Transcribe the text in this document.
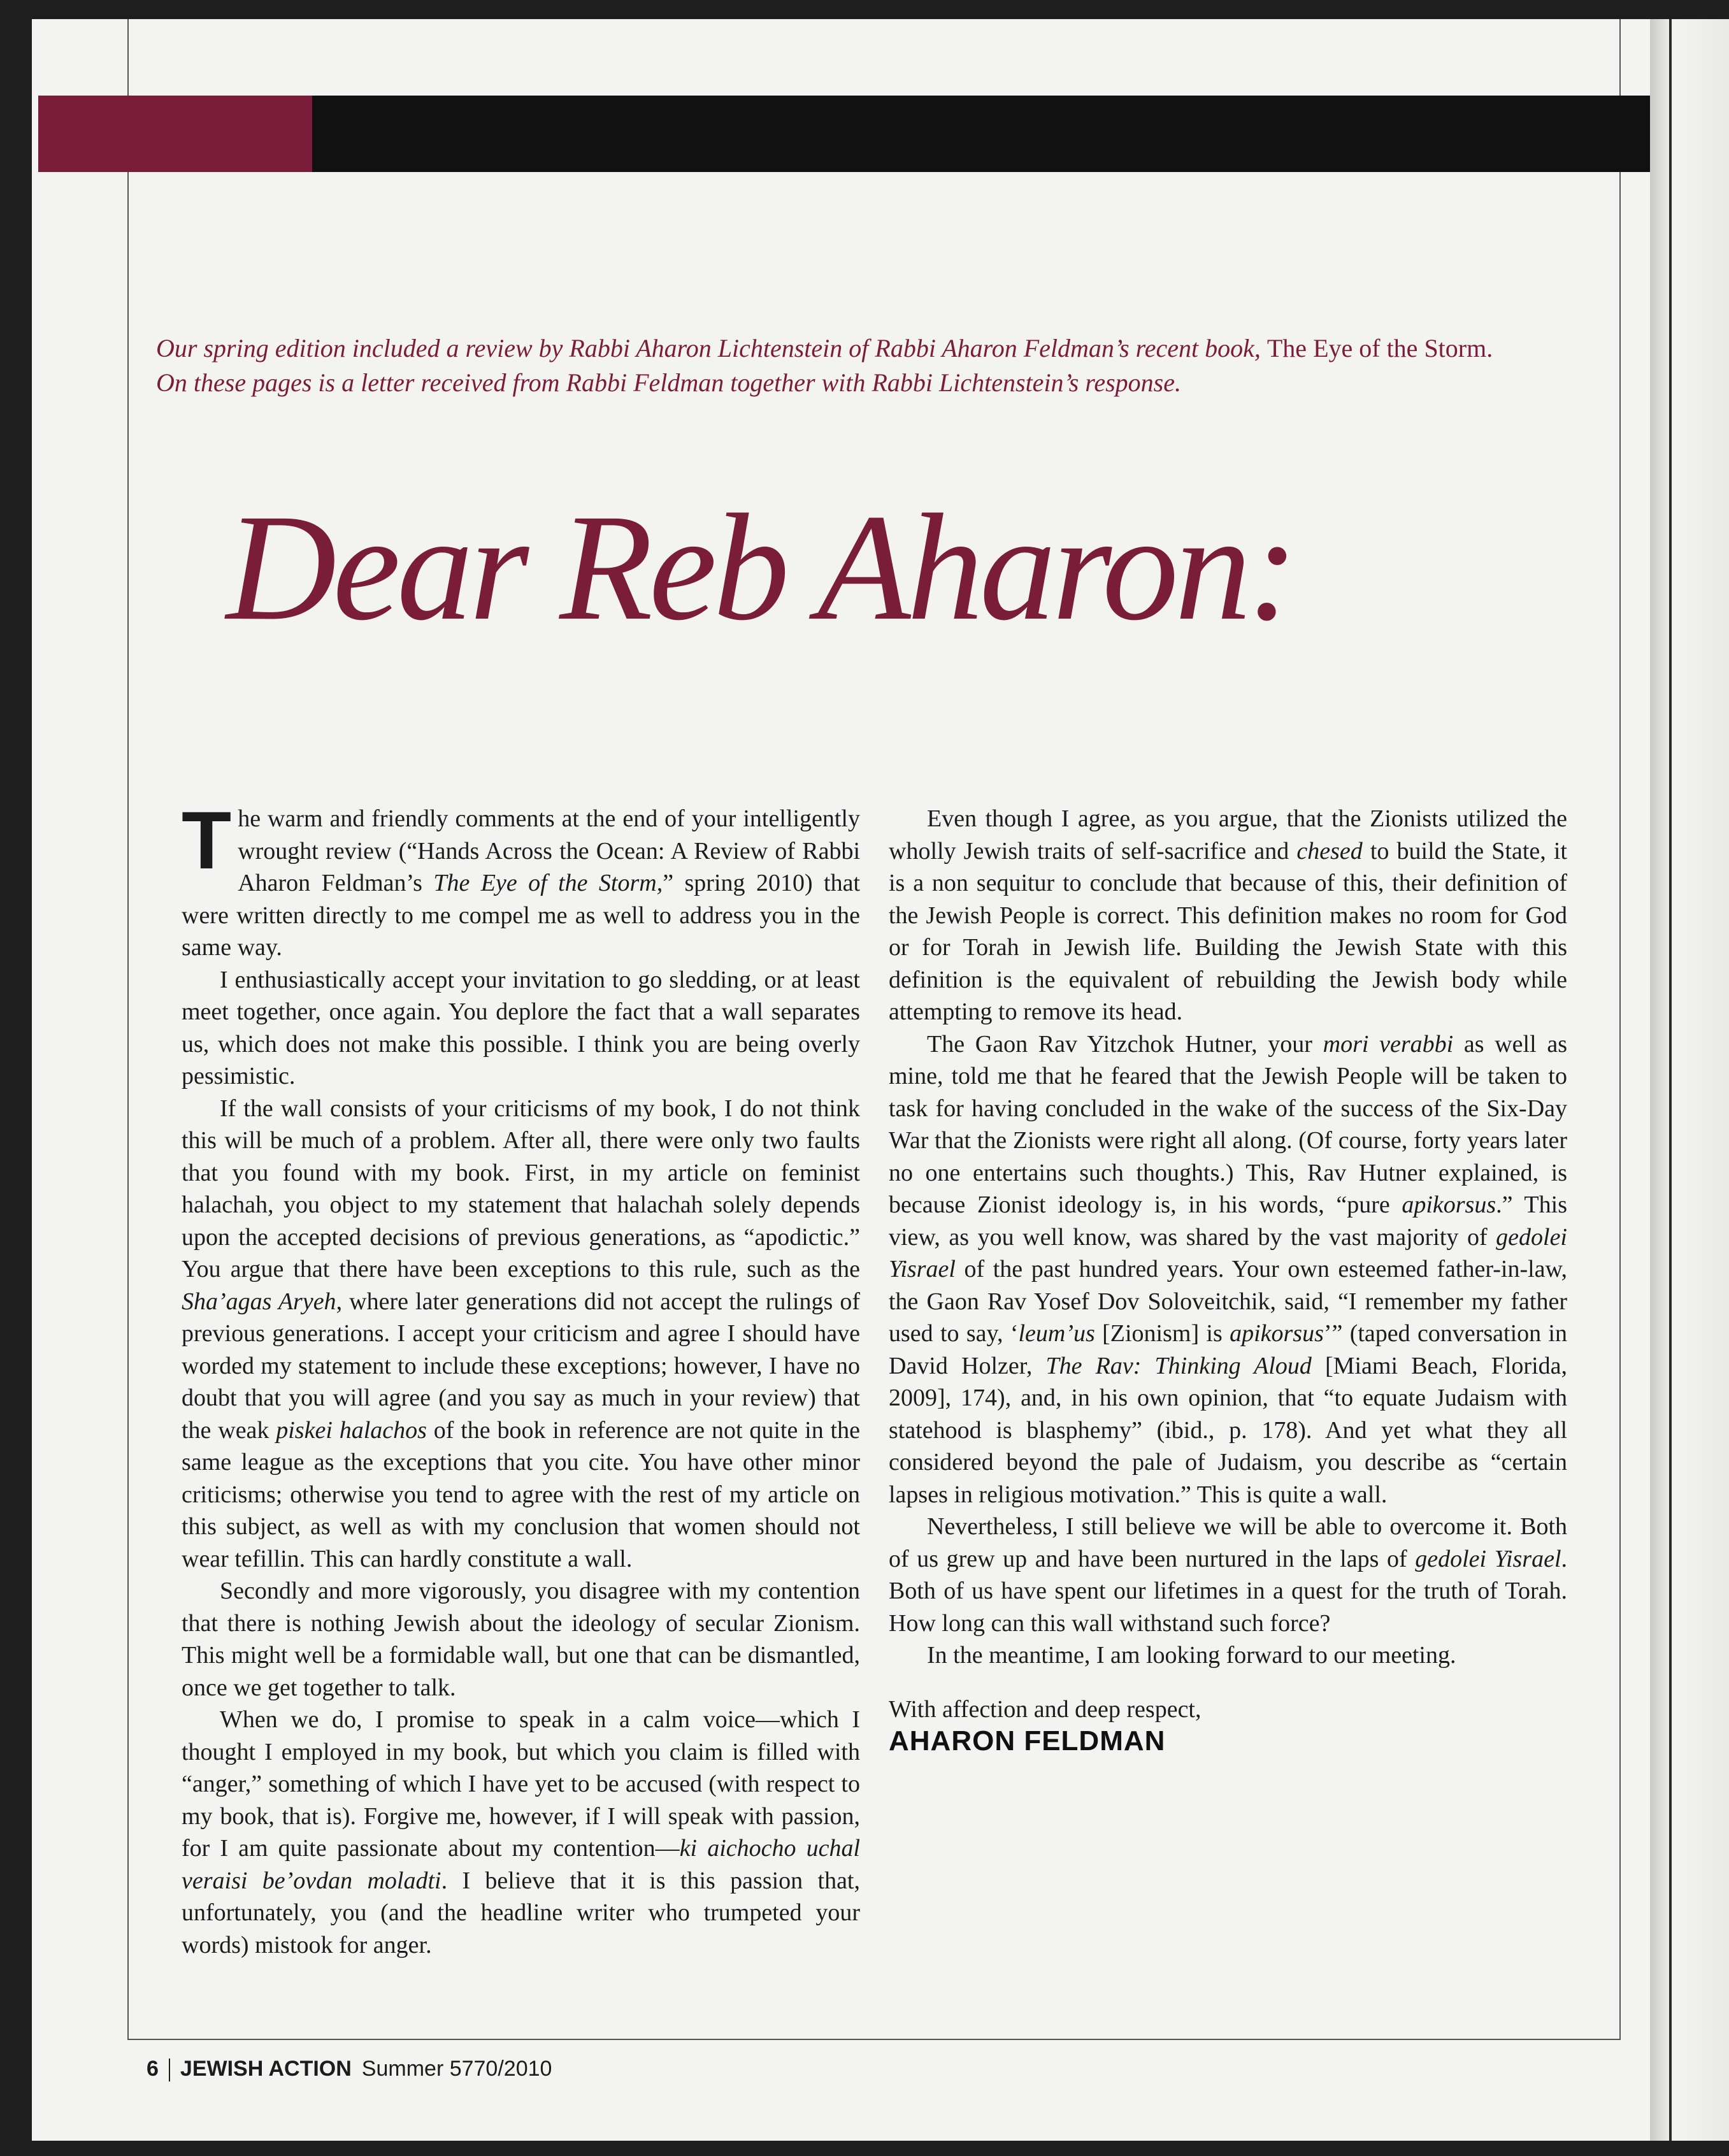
Our spring edition included a review by Rabbi Aharon Lichtenstein of Rabbi Aharon Feldman’s recent book, The Eye of the Storm. On these pages is a letter received from Rabbi Feldman together with Rabbi Lichtenstein’s response.
Dear Reb Aharon:

The warm and friendly comments at the end of your intelligently wrought review (“Hands Across the Ocean: A Review of Rabbi Aharon Feldman’s The Eye of the Storm,” spring 2010) that were written directly to me compel me as well to address you in the same way.

I enthusiastically accept your invitation to go sledding, or at least meet together, once again. You deplore the fact that a wall separates us, which does not make this possible. I think you are being overly pessimistic.

If the wall consists of your criticisms of my book, I do not think this will be much of a problem. After all, there were only two faults that you found with my book. First, in my article on feminist halachah, you object to my statement that halachah solely depends upon the accepted decisions of previous generations, as “apodictic.” You argue that there have been exceptions to this rule, such as the Sha’agas Aryeh, where later generations did not accept the rulings of previous generations. I accept your criticism and agree I should have worded my statement to include these exceptions; however, I have no doubt that you will agree (and you say as much in your review) that the weak piskei halachos of the book in reference are not quite in the same league as the exceptions that you cite. You have other minor criticisms; otherwise you tend to agree with the rest of my article on this subject, as well as with my conclusion that women should not wear tefillin. This can hardly constitute a wall.

Secondly and more vigorously, you disagree with my contention that there is nothing Jewish about the ideology of secular Zionism. This might well be a formidable wall, but one that can be dismantled, once we get together to talk.

When we do, I promise to speak in a calm voice—which I thought I employed in my book, but which you claim is filled with “anger,” something of which I have yet to be accused (with respect to my book, that is). Forgive me, however, if I will speak with passion, for I am quite passionate about my contention—ki aichocho uchal veraisi be’ovdan moladti. I believe that it is this passion that, unfortunately, you (and the headline writer who trumpeted your words) mistook for anger.

Even though I agree, as you argue, that the Zionists utilized the wholly Jewish traits of self-sacrifice and chesed to build the State, it is a non sequitur to conclude that because of this, their definition of the Jewish People is correct. This definition makes no room for God or for Torah in Jewish life. Building the Jewish State with this definition is the equivalent of rebuilding the Jewish body while attempting to remove its head.

The Gaon Rav Yitzchok Hutner, your mori verabbi as well as mine, told me that he feared that the Jewish People will be taken to task for having concluded in the wake of the success of the Six-Day War that the Zionists were right all along. (Of course, forty years later no one entertains such thoughts.) This, Rav Hutner explained, is because Zionist ideology is, in his words, “pure apikorsus.” This view, as you well know, was shared by the vast majority of gedolei Yisrael of the past hundred years. Your own esteemed father-in-law, the Gaon Rav Yosef Dov Soloveitchik, said, “I remember my father used to say, ‘leum’us [Zionism] is apikorsus’” (taped conversation in David Holzer, The Rav: Thinking Aloud [Miami Beach, Florida, 2009], 174), and, in his own opinion, that “to equate Judaism with statehood is blasphemy” (ibid., p. 178). And yet what they all considered beyond the pale of Judaism, you describe as “certain lapses in religious motivation.” This is quite a wall.

Nevertheless, I still believe we will be able to overcome it. Both of us grew up and have been nurtured in the laps of gedolei Yisrael. Both of us have spent our lifetimes in a quest for the truth of Torah. How long can this wall withstand such force?

In the meantime, I am looking forward to our meeting.

With affection and deep respect,

AHARON FELDMAN
6 JEWISH ACTION Summer 5770/2010
